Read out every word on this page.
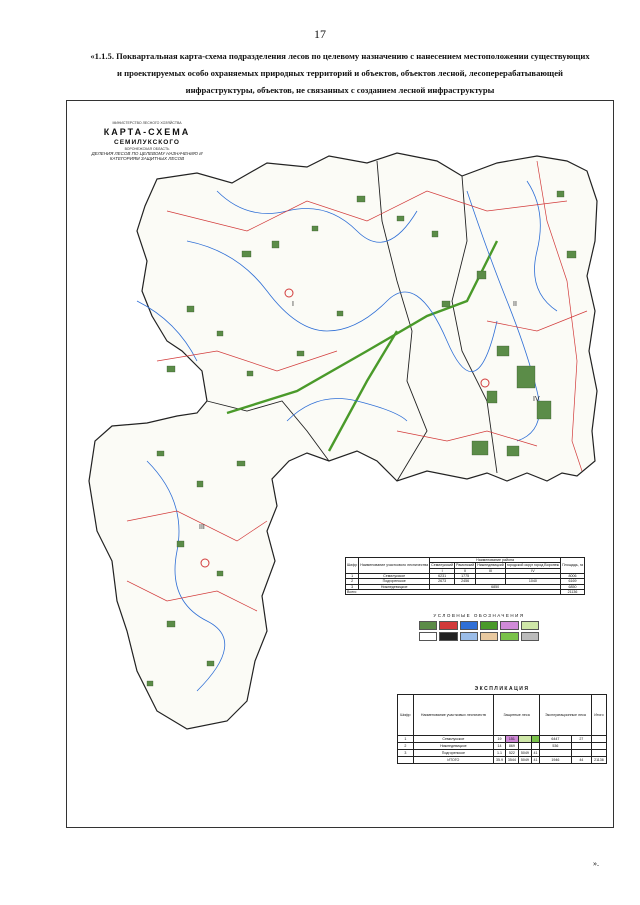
17
«1.1.5. Поквартальная карта-схема подразделения лесов по целевому назначению с нанесением местоположении существующих
и проектируемых особо охраняемых природных территорий и объектов, объектов лесной, лесоперерабатывающей
инфраструктуры, объектов, не связанных с созданием лесной инфраструктуры
II
III
IV
I
МИНИСТЕРСТВО ЛЕСНОГО ХОЗЯЙСТВА
КАРТА-СХЕМА
СЕМИЛУКСКОГО
ВОРОНЕЖСКАЯ ОБЛАСТЬ
ДЕЛЕНИЯ ЛЕСОВ ПО ЦЕЛЕВОМУ НАЗНАЧЕНИЮ И КАТЕГОРИЯМ ЗАЩИТНЫХ ЛЕСОВ
Шифр	Наименование участкового лесничества	Наименование района				Площадь, га
		Семилукский	Рамонский	Нижнедевицкий	городской округ город Воронеж	
		I	II	III	IV	
1	Семилукское	6231	1775			8006
2	Подгоренское	2673	2456		1040	6169
3	Нижнедевицкое	6850				6850
Всего						21136
УСЛОВНЫЕ ОБОЗНАЧЕНИЯ
ЭКСПЛИКАЦИЯ
Шифр	Наименование участковых лесничеств	Защитные леса				Эксплуатационные леса		Итого
1	Семилукское	19	151			6447	27	
2	Нижнедевицкое	14	869			536		
3	Подгоренское	1.1	522	5049	41			
	ИТОГО	35.9	3544	5049	41	1946	44	21136
».
